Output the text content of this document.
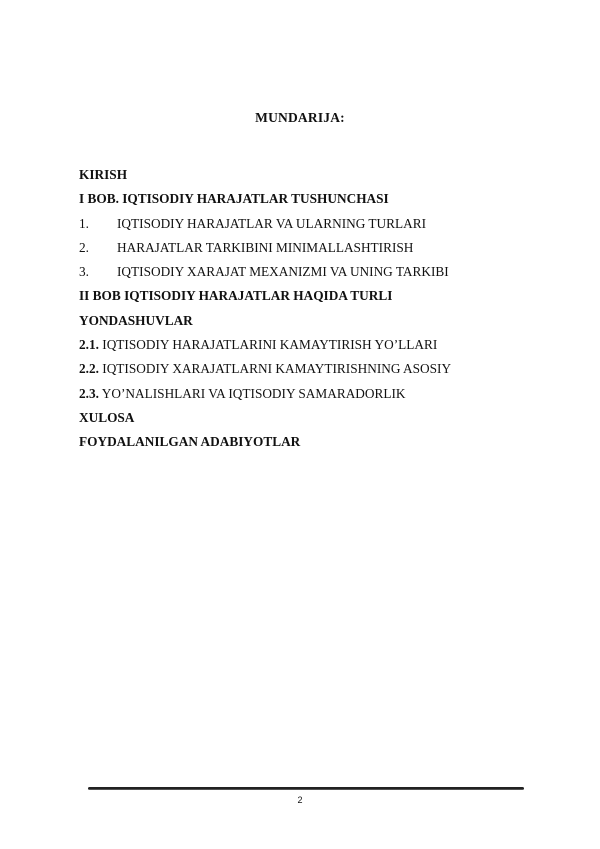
MUNDARIJA:
KIRISH
I BOB. IQTISODIY HARAJATLAR TUSHUNCHASI
1. IQTISODIY HARAJATLAR VA ULARNING TURLARI
2. HARAJATLAR TARKIBINI MINIMALLASHTIRISH
3. IQTISODIY XARAJAT MEXANIZMI VA UNING TARKIBI
II BOB IQTISODIY HARAJATLAR HAQIDA TURLI
YONDASHUVLAR
2.1. IQTISODIY HARAJATLARINI KAMAYTIRISH YO’LLARI
2.2. IQTISODIY XARAJATLARNI KAMAYTIRISHNING ASOSIY
2.3. YO’NALISHLARI VA IQTISODIY SAMARADORLIK
XULOSA
FOYDALANILGAN ADABIYOTLAR
2
